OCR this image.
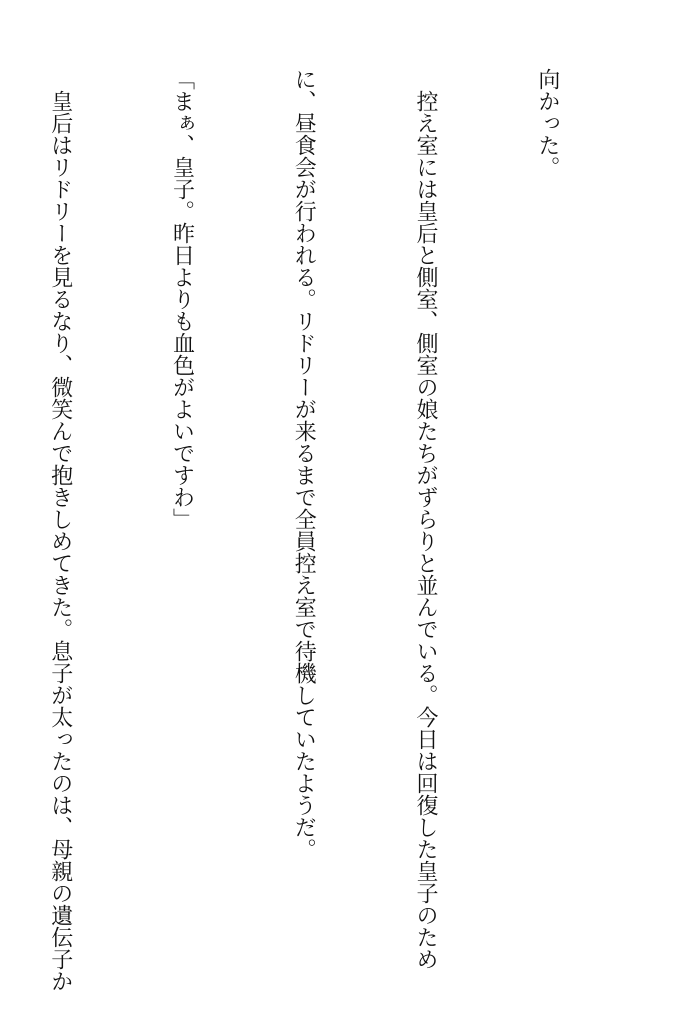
向かった。

　控え室には皇后と側室、側室の娘たちがずらりと並んでいる。今日は回復した皇子のため

に、昼食会が行われる。リドリーが来るまで全員控え室で待機していたようだ。

「まぁ、皇子。昨日よりも血色がよいですわ」

　皇后はリドリーを見るなり、微笑んで抱きしめてきた。息子が太ったのは、母親の遺伝子か
